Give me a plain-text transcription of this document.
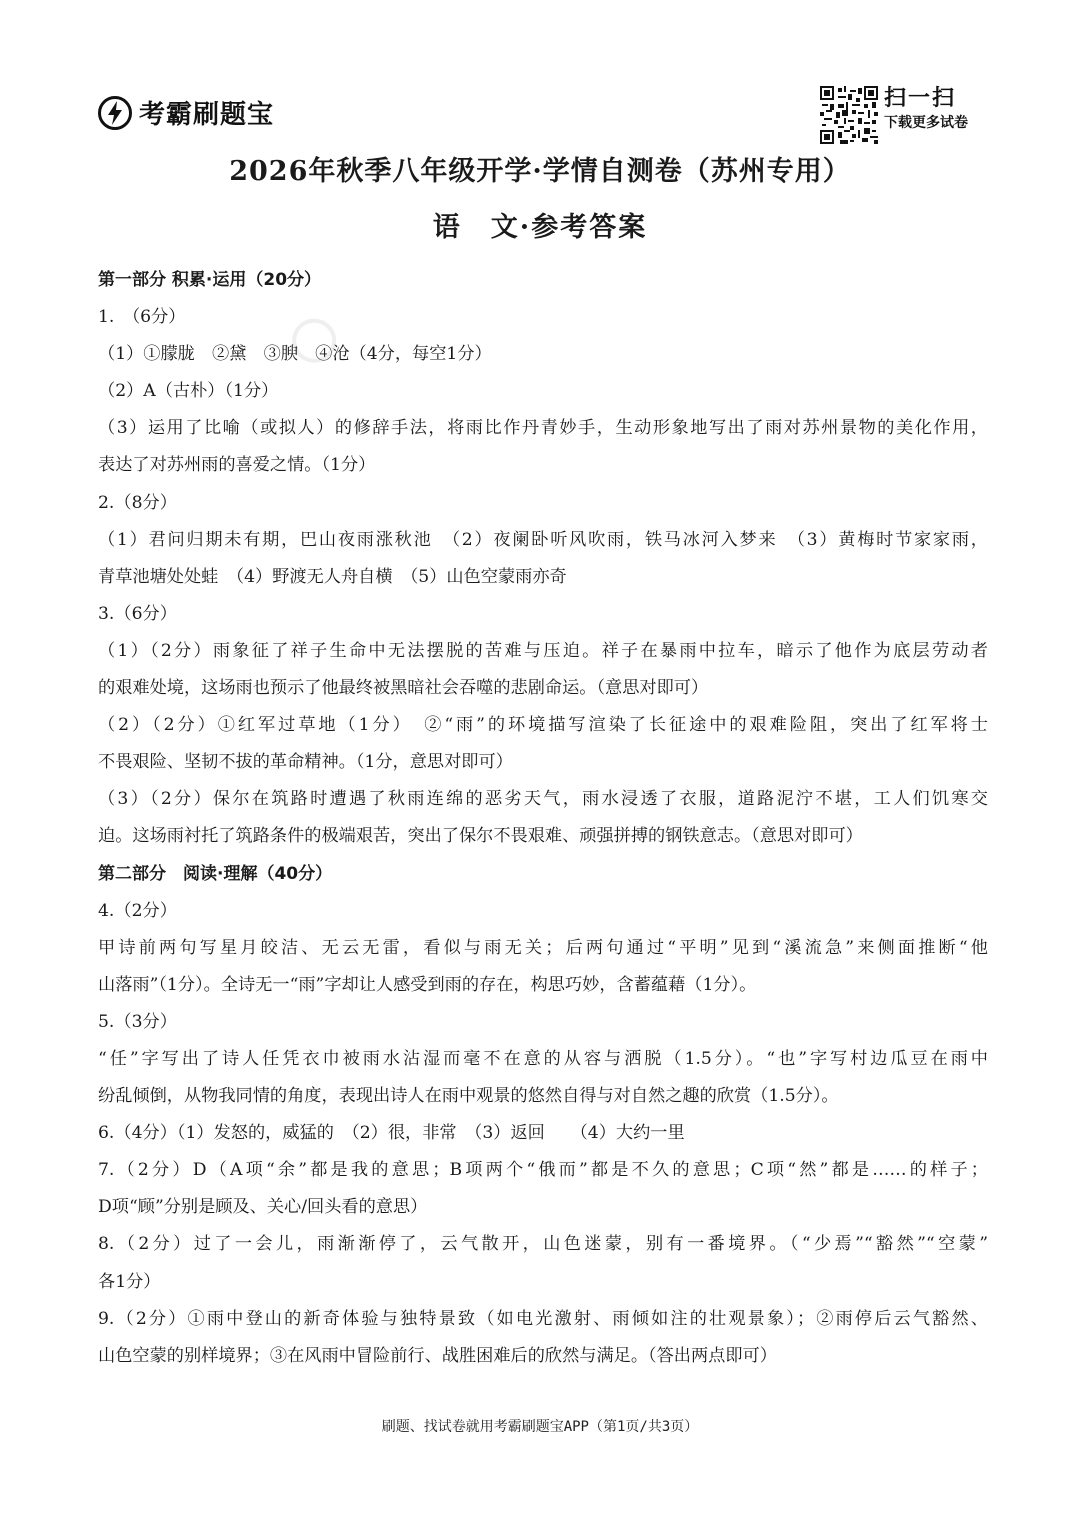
考霸刷题宝
扫一扫
下载更多试卷
2026年秋季八年级开学·学情自测卷（苏州专用）
语　文·参考答案
第一部分 积累·运用（20分）
1.　（6分）
（1）①朦胧　②黛　③腴　④沧（4分，每空1分）
（2）A（古朴）（1分）
（3）运用了比喻（或拟人）的修辞手法，将雨比作丹青妙手，生动形象地写出了雨对苏州景物的美化作用，
表达了对苏州雨的喜爱之情。（1分）
2.（8分）
（1）君问归期未有期，巴山夜雨涨秋池　（2）夜阑卧听风吹雨，铁马冰河入梦来　（3）黄梅时节家家雨，
青草池塘处处蛙　（4）野渡无人舟自横　（5）山色空蒙雨亦奇
3.（6分）
（1）（2分）雨象征了祥子生命中无法摆脱的苦难与压迫。祥子在暴雨中拉车，暗示了他作为底层劳动者
的艰难处境，这场雨也预示了他最终被黑暗社会吞噬的悲剧命运。（意思对即可）
（2）（2分）①红军过草地（1分）　②“雨”的环境描写渲染了长征途中的艰难险阻，突出了红军将士
不畏艰险、坚韧不拔的革命精神。（1分，意思对即可）
（3）（2分）保尔在筑路时遭遇了秋雨连绵的恶劣天气，雨水浸透了衣服，道路泥泞不堪，工人们饥寒交
迫。这场雨衬托了筑路条件的极端艰苦，突出了保尔不畏艰难、顽强拼搏的钢铁意志。（意思对即可）
第二部分　阅读·理解（40分）
4.（2分）
甲诗前两句写星月皎洁、无云无雷，看似与雨无关；后两句通过“平明”见到“溪流急”来侧面推断“他
山落雨”（1分）。全诗无一“雨”字却让人感受到雨的存在，构思巧妙，含蓄蕴藉（1分）。
5.（3分）
“任”字写出了诗人任凭衣巾被雨水沾湿而毫不在意的从容与洒脱（1.5分）。“也”字写村边瓜豆在雨中
纷乱倾倒，从物我同情的角度，表现出诗人在雨中观景的悠然自得与对自然之趣的欣赏（1.5分）。
6.（4分）（1）发怒的，威猛的　（2）很，非常　（3）返回　　（4）大约一里
7.（2分）D（A项“余”都是我的意思；B项两个“俄而”都是不久的意思；C项“然”都是……的样子；
D项“顾”分别是顾及、关心/回头看的意思）
8.（2分）过了一会儿，雨渐渐停了，云气散开，山色迷蒙，别有一番境界。（“少焉”“豁然”“空蒙”
各1分）
9.（2分）①雨中登山的新奇体验与独特景致（如电光激射、雨倾如注的壮观景象）；②雨停后云气豁然、
山色空蒙的别样境界；③在风雨中冒险前行、战胜困难后的欣然与满足。（答出两点即可）
刷题、找试卷就用考霸刷题宝APP（第1页/共3页）
